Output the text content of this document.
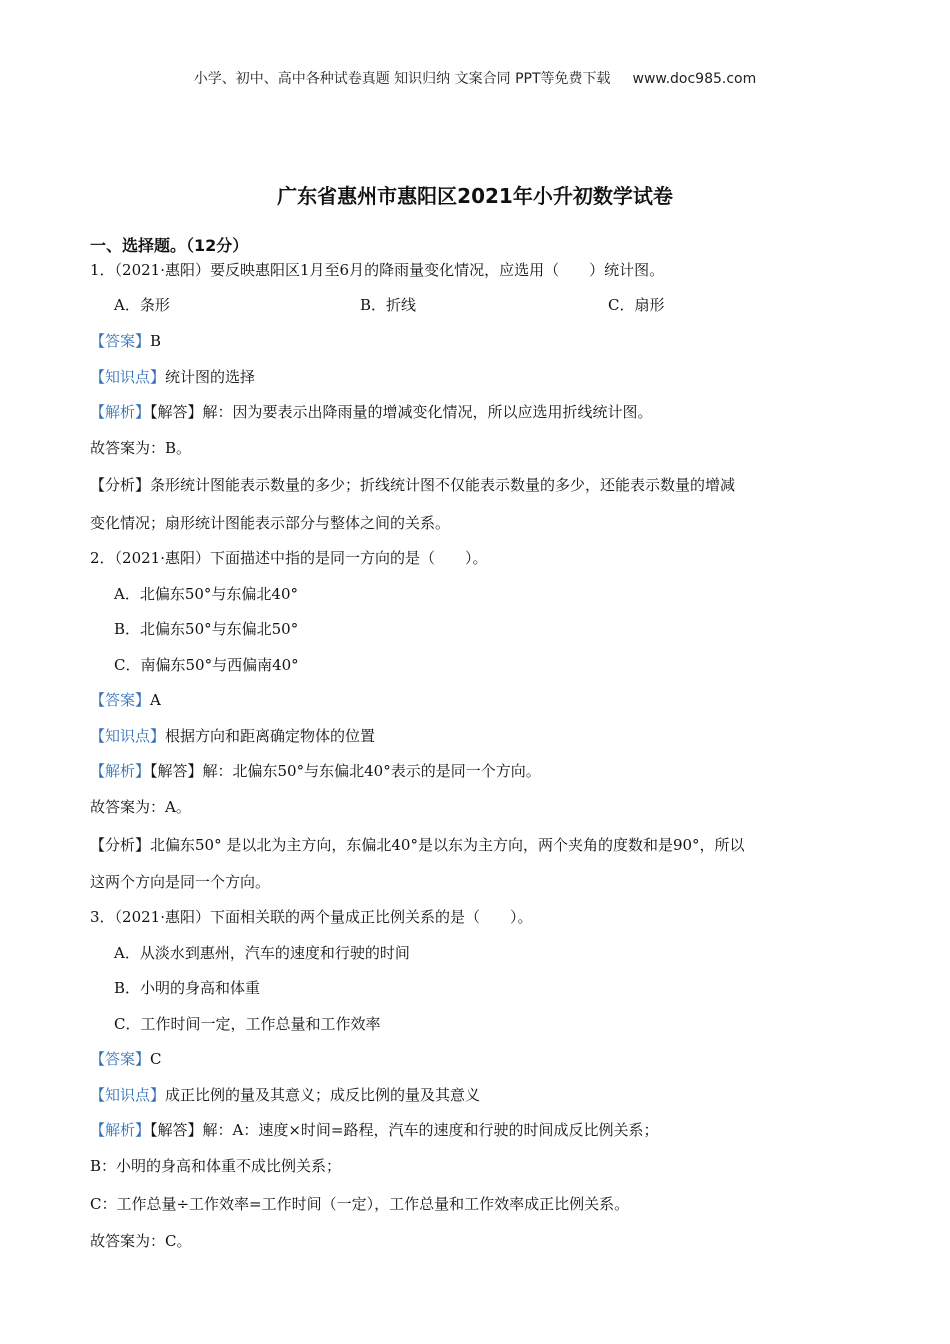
小学、初中、高中各种试卷真题 知识归纳 文案合同 PPT等免费下载 www.doc985.com
广东省惠州市惠阳区2021年小升初数学试卷
一、选择题。（12分）
1．（2021·惠阳）要反映惠阳区1月至6月的降雨量变化情况，应选用（　　）统计图。
A．条形	B．折线	C．扇形
【答案】B
【知识点】统计图的选择
【解析】【解答】解：因为要表示出降雨量的增减变化情况，所以应选用折线统计图。
故答案为：B。
【分析】条形统计图能表示数量的多少；折线统计图不仅能表示数量的多少，还能表示数量的增减
变化情况；扇形统计图能表示部分与整体之间的关系。
2．（2021·惠阳）下面描述中指的是同一方向的是（　　）。
A．北偏东50°与东偏北40°
B．北偏东50°与东偏北50°
C．南偏东50°与西偏南40°
【答案】A
【知识点】根据方向和距离确定物体的位置
【解析】【解答】解：北偏东50°与东偏北40°表示的是同一个方向。
故答案为：A。
【分析】北偏东50° 是以北为主方向，东偏北40°是以东为主方向，两个夹角的度数和是90°，所以
这两个方向是同一个方向。
3．（2021·惠阳）下面相关联的两个量成正比例关系的是（　　）。
A．从淡水到惠州，汽车的速度和行驶的时间
B．小明的身高和体重
C．工作时间一定，工作总量和工作效率
【答案】C
【知识点】成正比例的量及其意义；成反比例的量及其意义
【解析】【解答】解：A：速度×时间=路程，汽车的速度和行驶的时间成反比例关系；
B：小明的身高和体重不成比例关系；
C：工作总量÷工作效率=工作时间（一定），工作总量和工作效率成正比例关系。
故答案为：C。
